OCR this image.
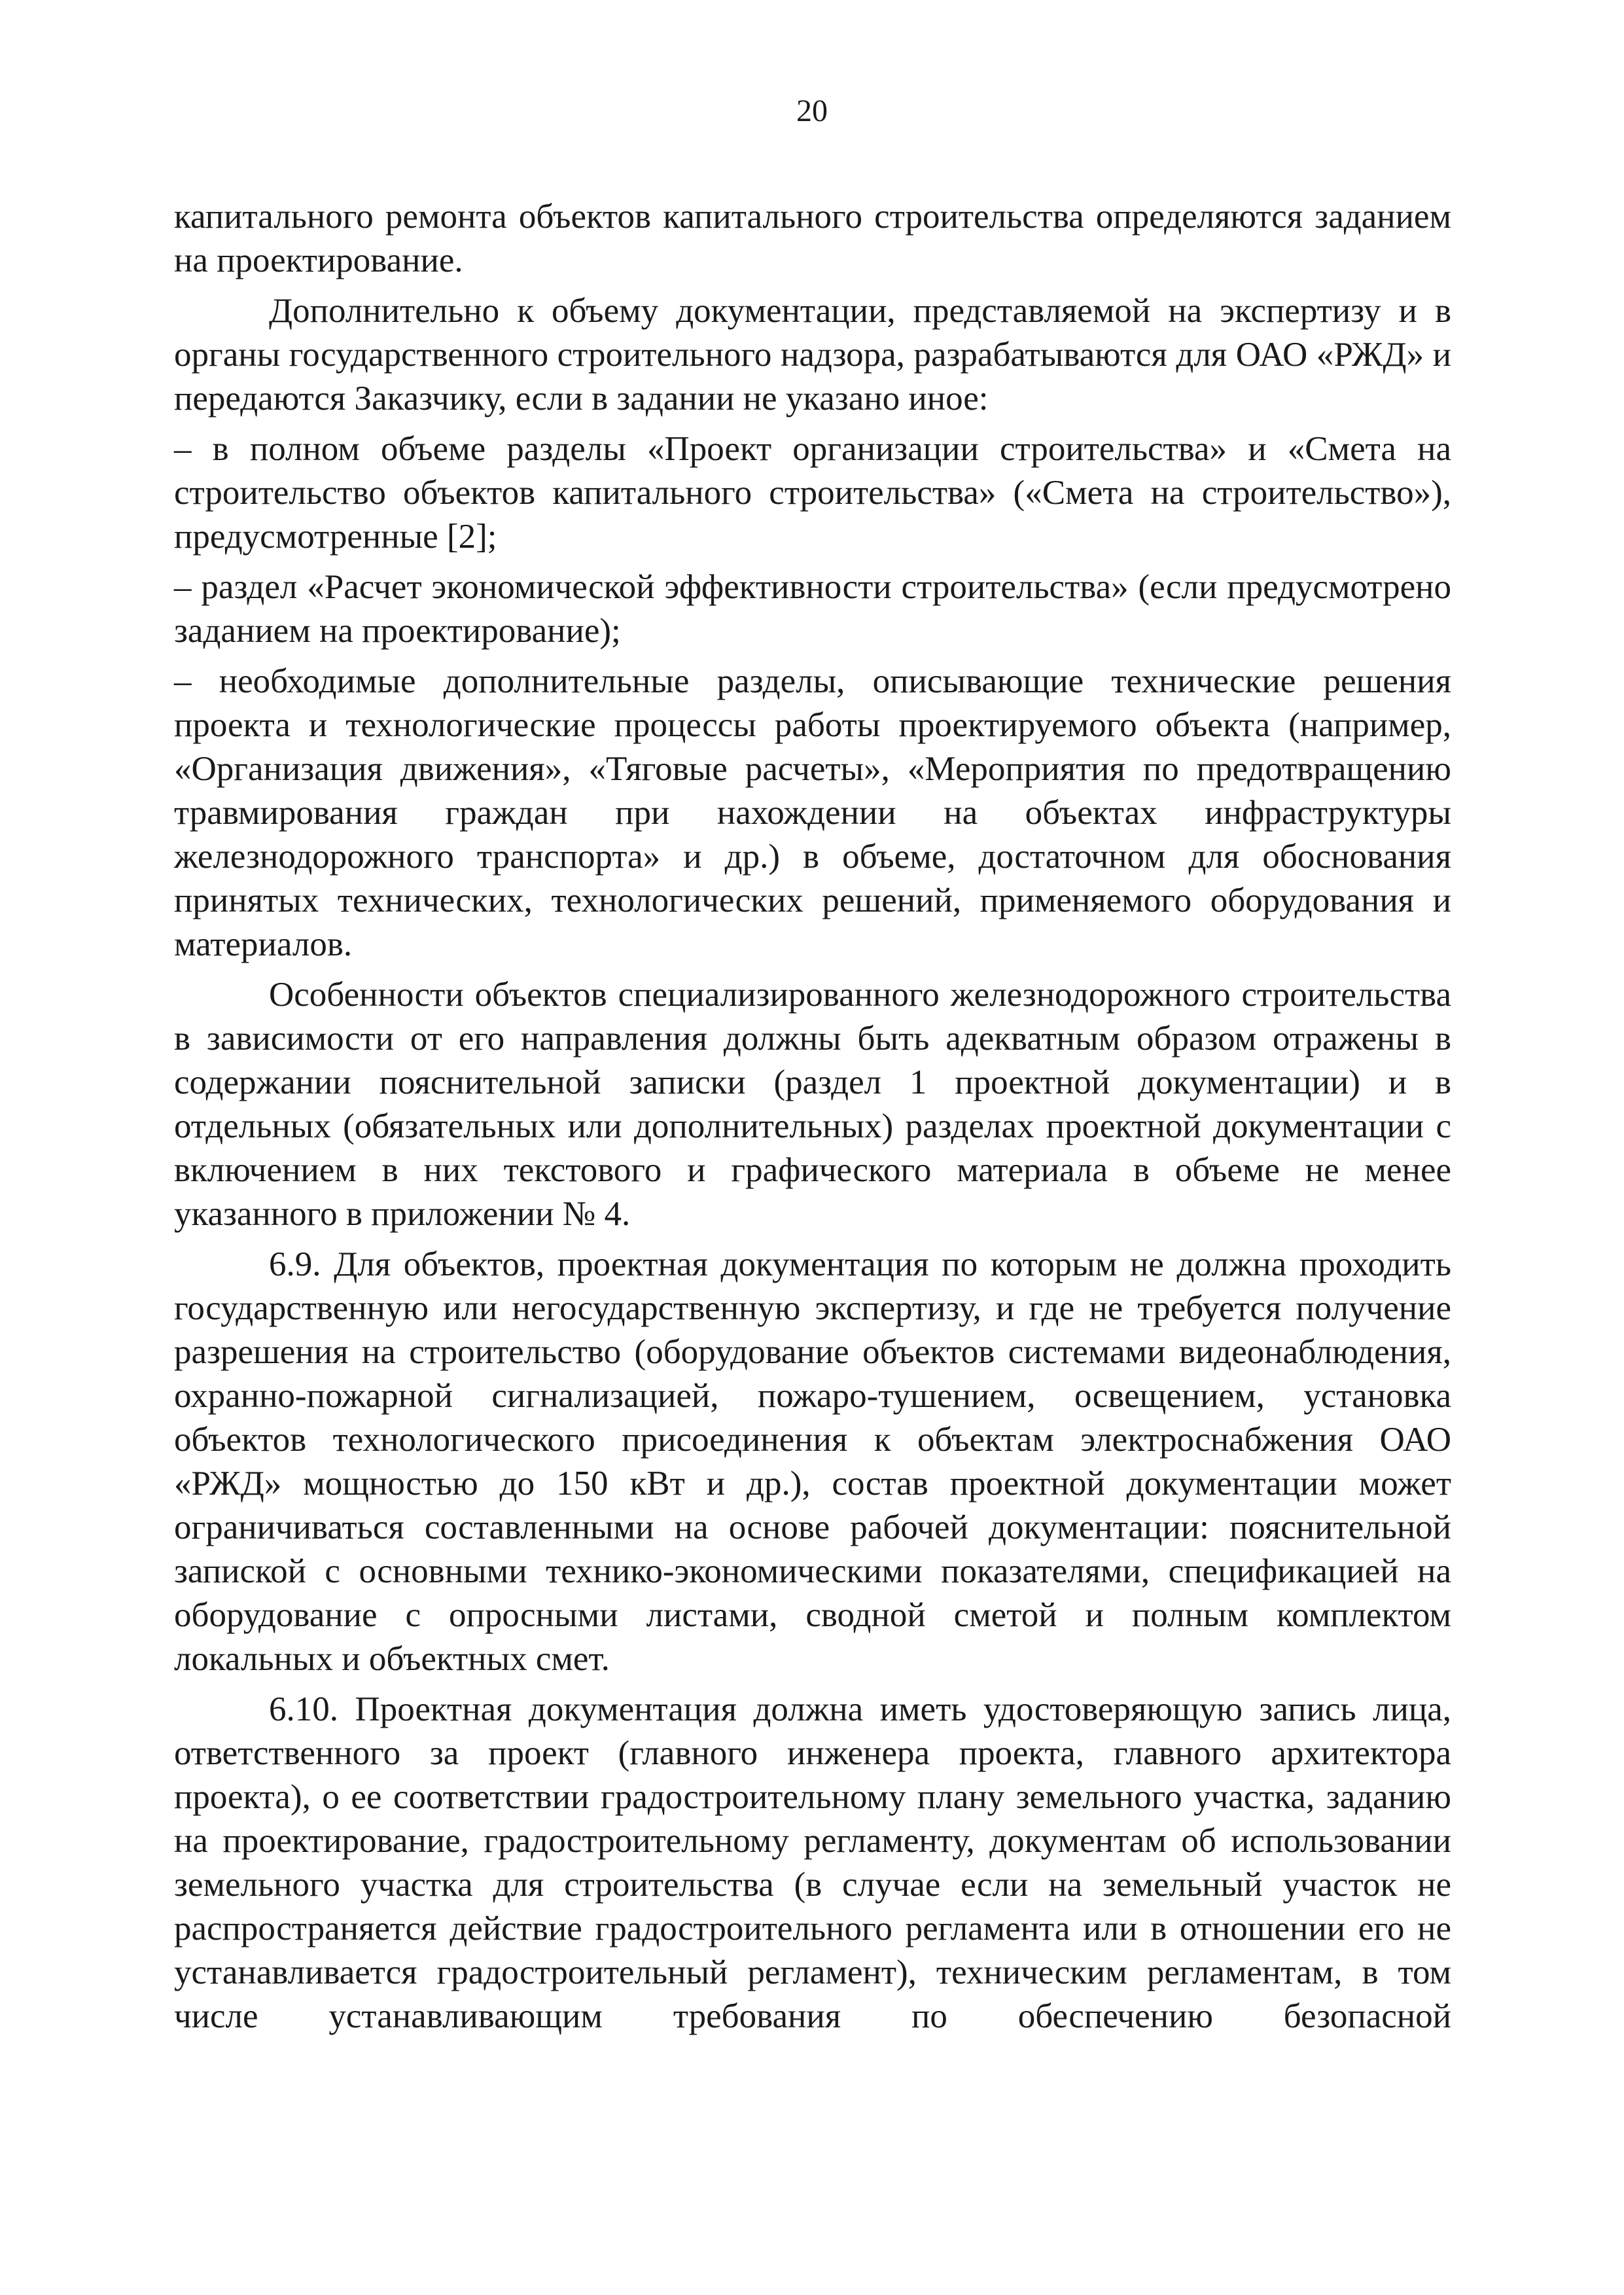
20

капитального ремонта объектов капитального строительства определяются заданием на проектирование.

Дополнительно к объему документации, представляемой на экспертизу и в органы государственного строительного надзора, разрабатываются для ОАО «РЖД» и передаются Заказчику, если в задании не указано иное:

– в полном объеме разделы «Проект организации строительства» и «Смета на строительство объектов капитального строительства» («Смета на строительство»), предусмотренные [2];

– раздел «Расчет экономической эффективности строительства» (если предусмотрено заданием на проектирование);

– необходимые дополнительные разделы, описывающие технические решения проекта и технологические процессы работы проектируемого объекта (например, «Организация движения», «Тяговые расчеты», «Мероприятия по предотвращению травмирования граждан при нахождении на объектах инфраструктуры железнодорожного транспорта» и др.) в объеме, достаточном для обоснования принятых технических, технологических решений, применяемого оборудования и материалов.

Особенности объектов специализированного железнодорожного строительства в зависимости от его направления должны быть адекватным образом отражены в содержании пояснительной записки (раздел 1 проектной документации) и в отдельных (обязательных или дополнительных) разделах проектной документации с включением в них текстового и графического материала в объеме не менее указанного в приложении № 4.

6.9. Для объектов, проектная документация по которым не должна проходить государственную или негосударственную экспертизу, и где не требуется получение разрешения на строительство (оборудование объектов системами видеонаблюдения, охранно-пожарной сигнализацией, пожаро-тушением, освещением, установка объектов технологического присоединения к объектам электроснабжения ОАО «РЖД» мощностью до 150 кВт и др.), состав проектной документации может ограничиваться составленными на основе рабочей документации: пояснительной запиской с основными технико-экономическими показателями, спецификацией на оборудование с опросными листами, сводной сметой и полным комплектом локальных и объектных смет.

6.10. Проектная документация должна иметь удостоверяющую запись лица, ответственного за проект (главного инженера проекта, главного архитектора проекта), о ее соответствии градостроительному плану земельного участка, заданию на проектирование, градостроительному регламенту, документам об использовании земельного участка для строительства (в случае если на земельный участок не распространяется действие градостроительного регламента или в отношении его не устанавливается градостроительный регламент), техническим регламентам, в том числе устанавливающим требования по обеспечению безопасной
